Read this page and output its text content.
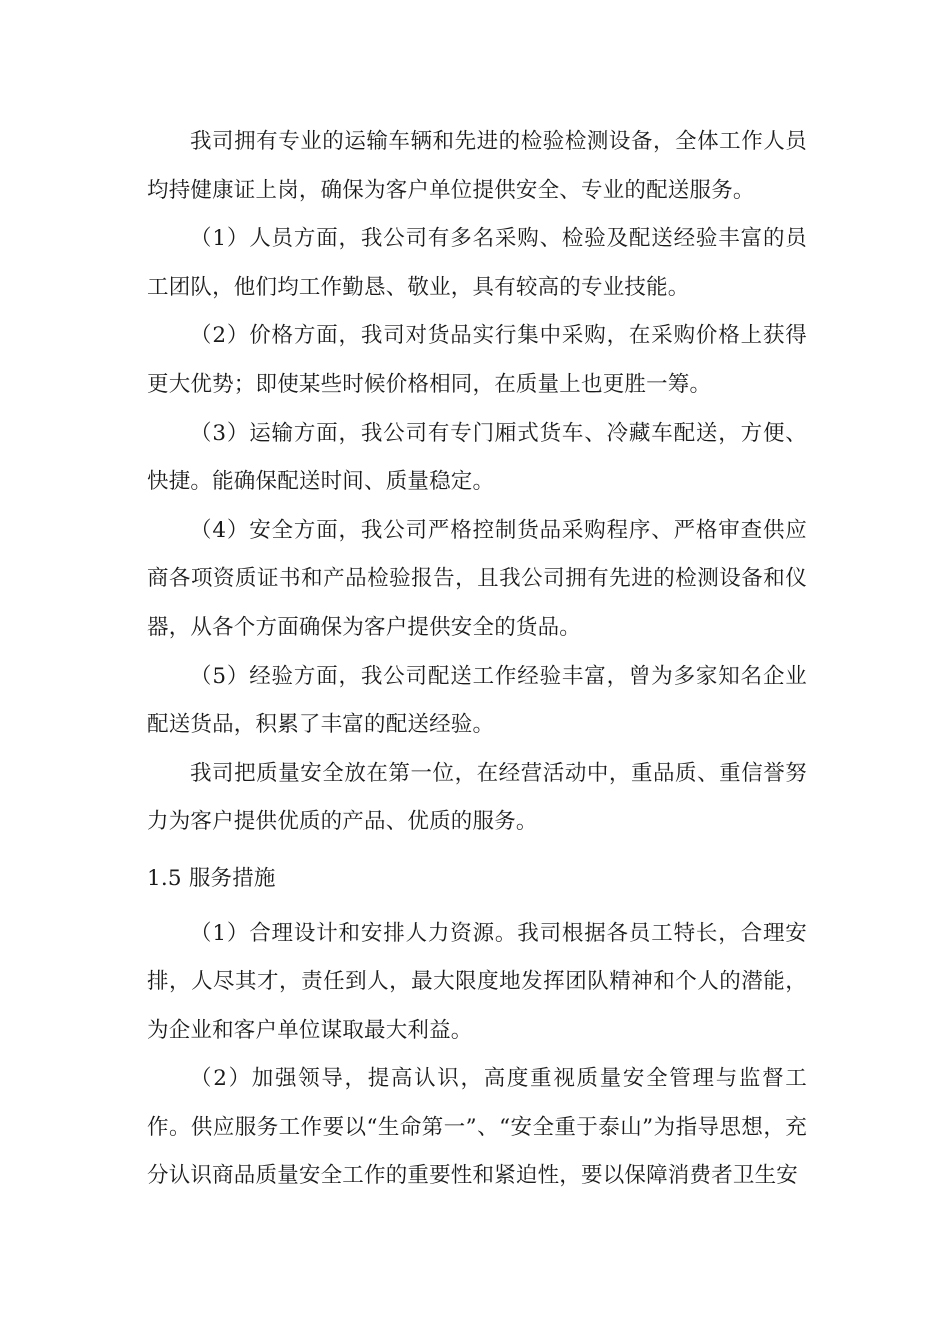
我司拥有专业的运输车辆和先进的检验检测设备，全体工作人员均持健康证上岗，确保为客户单位提供安全、专业的配送服务。

（1）人员方面，我公司有多名采购、检验及配送经验丰富的员工团队，他们均工作勤恳、敬业，具有较高的专业技能。

（2）价格方面，我司对货品实行集中采购，在采购价格上获得更大优势；即使某些时候价格相同，在质量上也更胜一筹。

（3）运输方面，我公司有专门厢式货车、冷藏车配送，方便、快捷。能确保配送时间、质量稳定。

（4）安全方面，我公司严格控制货品采购程序、严格审查供应商各项资质证书和产品检验报告，且我公司拥有先进的检测设备和仪器，从各个方面确保为客户提供安全的货品。

（5）经验方面，我公司配送工作经验丰富，曾为多家知名企业配送货品，积累了丰富的配送经验。

我司把质量安全放在第一位，在经营活动中，重品质、重信誉努力为客户提供优质的产品、优质的服务。

1.5 服务措施

（1）合理设计和安排人力资源。我司根据各员工特长，合理安排，人尽其才，责任到人，最大限度地发挥团队精神和个人的潜能，为企业和客户单位谋取最大利益。

（2）加强领导，提高认识，高度重视质量安全管理与监督工作。供应服务工作要以“生命第一”、“安全重于泰山”为指导思想，充分认识商品质量安全工作的重要性和紧迫性，要以保障消费者卫生安
